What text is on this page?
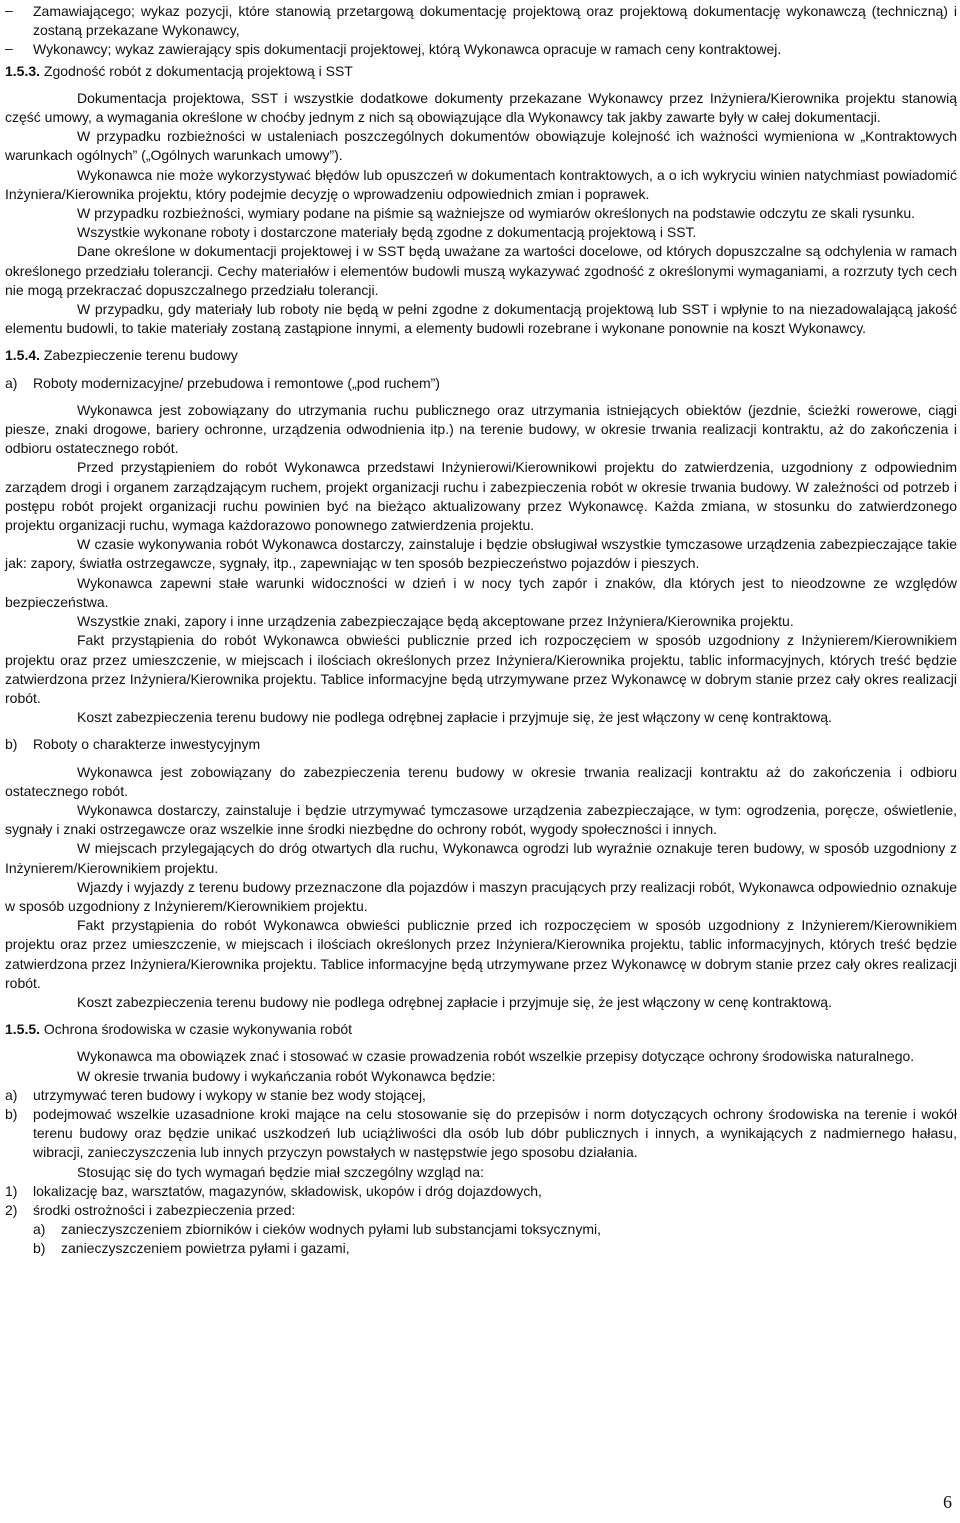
–	Zamawiającego; wykaz pozycji, które stanowią przetargową dokumentację projektową oraz projektową dokumentację wykonawczą (techniczną) i zostaną przekazane Wykonawcy,
–	Wykonawcy; wykaz zawierający spis dokumentacji projektowej, którą Wykonawca opracuje w ramach ceny kontraktowej.
1.5.3. Zgodność robót z dokumentacją projektową i SST

Dokumentacja projektowa, SST i wszystkie dodatkowe dokumenty przekazane Wykonawcy przez Inżyniera/Kierownika projektu stanowią część umowy, a wymagania określone w choćby jednym z nich są obowiązujące dla Wykonawcy tak jakby zawarte były w całej dokumentacji.

W przypadku rozbieżności w ustaleniach poszczególnych dokumentów obowiązuje kolejność ich ważności wymieniona w „Kontraktowych warunkach ogólnych” („Ogólnych warunkach umowy”).

Wykonawca nie może wykorzystywać błędów lub opuszczeń w dokumentach kontraktowych, a o ich wykryciu winien natychmiast powiadomić Inżyniera/Kierownika projektu, który podejmie decyzję o wprowadzeniu odpowiednich zmian i poprawek.

W przypadku rozbieżności, wymiary podane na piśmie są ważniejsze od wymiarów określonych na podstawie odczytu ze skali rysunku.

Wszystkie wykonane roboty i dostarczone materiały będą zgodne z dokumentacją projektową i SST.

Dane określone w dokumentacji projektowej i w SST będą uważane za wartości docelowe, od których dopuszczalne są odchylenia w ramach określonego przedziału tolerancji. Cechy materiałów i elementów budowli muszą wykazywać zgodność z określonymi wymaganiami, a rozrzuty tych cech nie mogą przekraczać dopuszczalnego przedziału tolerancji.

W przypadku, gdy materiały lub roboty nie będą w pełni zgodne z dokumentacją projektową lub SST i wpłynie to na niezadowalającą jakość elementu budowli, to takie materiały zostaną zastąpione innymi, a elementy budowli rozebrane i wykonane ponownie na koszt Wykonawcy.

1.5.4. Zabezpieczenie terenu budowy
a) Roboty modernizacyjne/ przebudowa i remontowe („pod ruchem”)

Wykonawca jest zobowiązany do utrzymania ruchu publicznego oraz utrzymania istniejących obiektów (jezdnie, ścieżki rowerowe, ciągi piesze, znaki drogowe, bariery ochronne, urządzenia odwodnienia itp.) na terenie budowy, w okresie trwania realizacji kontraktu, aż do zakończenia i odbioru ostatecznego robót.

Przed przystąpieniem do robót Wykonawca przedstawi Inżynierowi/Kierownikowi projektu do zatwierdzenia, uzgodniony z odpowiednim zarządem drogi i organem zarządzającym ruchem, projekt organizacji ruchu i zabezpieczenia robót w okresie trwania budowy. W zależności od potrzeb i postępu robót projekt organizacji ruchu powinien być na bieżąco aktualizowany przez Wykonawcę. Każda zmiana, w stosunku do zatwierdzonego projektu organizacji ruchu, wymaga każdorazowo ponownego zatwierdzenia projektu.

W czasie wykonywania robót Wykonawca dostarczy, zainstaluje i będzie obsługiwał wszystkie tymczasowe urządzenia zabezpieczające takie jak: zapory, światła ostrzegawcze, sygnały, itp., zapewniając w ten sposób bezpieczeństwo pojazdów i pieszych.

Wykonawca zapewni stałe warunki widoczności w dzień i w nocy tych zapór i znaków, dla których jest to nieodzowne ze względów bezpieczeństwa.

Wszystkie znaki, zapory i inne urządzenia zabezpieczające będą akceptowane przez Inżyniera/Kierownika projektu.

Fakt przystąpienia do robót Wykonawca obwieści publicznie przed ich rozpoczęciem w sposób uzgodniony z Inżynierem/Kierownikiem projektu oraz przez umieszczenie, w miejscach i ilościach określonych przez Inżyniera/Kierownika projektu, tablic informacyjnych, których treść będzie zatwierdzona przez Inżyniera/Kierownika projektu. Tablice informacyjne będą utrzymywane przez Wykonawcę w dobrym stanie przez cały okres realizacji robót.

Koszt zabezpieczenia terenu budowy nie podlega odrębnej zapłacie i przyjmuje się, że jest włączony w cenę kontraktową.

b) Roboty o charakterze inwestycyjnym

Wykonawca jest zobowiązany do zabezpieczenia terenu budowy w okresie trwania realizacji kontraktu aż do zakończenia i odbioru ostatecznego robót.

Wykonawca dostarczy, zainstaluje i będzie utrzymywać tymczasowe urządzenia zabezpieczające, w tym: ogrodzenia, poręcze, oświetlenie, sygnały i znaki ostrzegawcze oraz wszelkie inne środki niezbędne do ochrony robót, wygody społeczności i innych.

W miejscach przylegających do dróg otwartych dla ruchu, Wykonawca ogrodzi lub wyraźnie oznakuje teren budowy, w sposób uzgodniony z Inżynierem/Kierownikiem projektu.

Wjazdy i wyjazdy z terenu budowy przeznaczone dla pojazdów i maszyn pracujących przy realizacji robót, Wykonawca odpowiednio oznakuje w sposób uzgodniony z Inżynierem/Kierownikiem projektu.

Fakt przystąpienia do robót Wykonawca obwieści publicznie przed ich rozpoczęciem w sposób uzgodniony z Inżynierem/Kierownikiem projektu oraz przez umieszczenie, w miejscach i ilościach określonych przez Inżyniera/Kierownika projektu, tablic informacyjnych, których treść będzie zatwierdzona przez Inżyniera/Kierownika projektu. Tablice informacyjne będą utrzymywane przez Wykonawcę w dobrym stanie przez cały okres realizacji robót.

Koszt zabezpieczenia terenu budowy nie podlega odrębnej zapłacie i przyjmuje się, że jest włączony w cenę kontraktową.

1.5.5. Ochrona środowiska w czasie wykonywania robót

Wykonawca ma obowiązek znać i stosować w czasie prowadzenia robót wszelkie przepisy dotyczące ochrony środowiska naturalnego.

W okresie trwania budowy i wykańczania robót Wykonawca będzie:

a)	utrzymywać teren budowy i wykopy w stanie bez wody stojącej,
b)	podejmować wszelkie uzasadnione kroki mające na celu stosowanie się do przepisów i norm dotyczących ochrony środowiska na terenie i wokół terenu budowy oraz będzie unikać uszkodzeń lub uciążliwości dla osób lub dóbr publicznych i innych, a wynikających z nadmiernego hałasu, wibracji, zanieczyszczenia lub innych przyczyn powstałych w następstwie jego sposobu działania.

Stosując się do tych wymagań będzie miał szczególny wzgląd na:

1)	lokalizację baz, warsztatów, magazynów, składowisk, ukopów i dróg dojazdowych,
2)	środki ostrożności i zabezpieczenia przed:
a)	zanieczyszczeniem zbiorników i cieków wodnych pyłami lub substancjami toksycznymi,
b)	zanieczyszczeniem powietrza pyłami i gazami,
6
